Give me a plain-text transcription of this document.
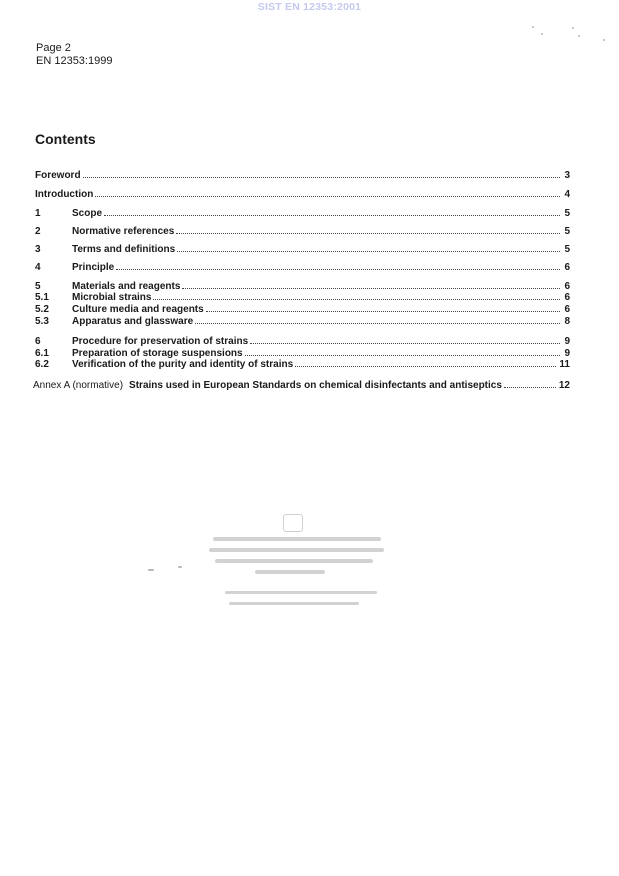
SIST EN 12353:2001
Page 2
EN 12353:1999
Contents
Foreword	3
Introduction	4
1	Scope	5
2	Normative references	5
3	Terms and definitions	5
4	Principle	6
5	Materials and reagents	6
5.1	Microbial strains	6
5.2	Culture media and reagents	6
5.3	Apparatus and glassware	8
6	Procedure for preservation of strains	9
6.1	Preparation of storage suspensions	9
6.2	Verification of the purity and identity of strains	11
Annex A (normative) Strains used in European Standards on chemical disinfectants and antiseptics	12
